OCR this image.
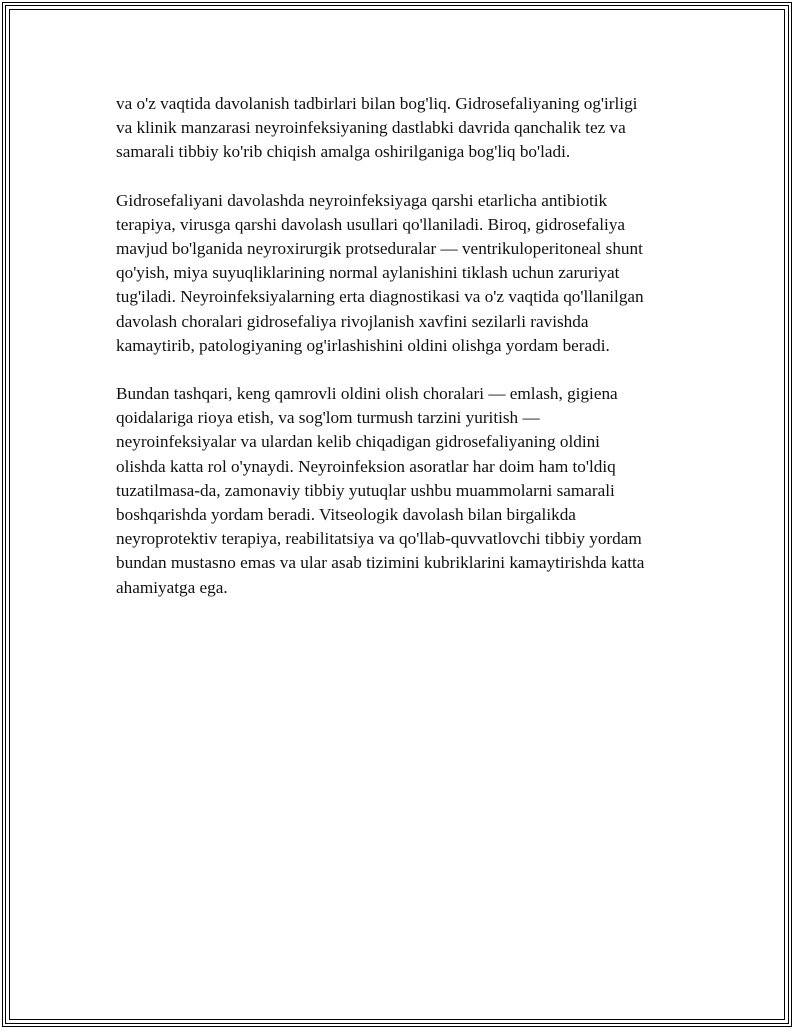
va o'z vaqtida davolanish tadbirlari bilan bog'liq. Gidrosefaliyaning og'irligi
va klinik manzarasi neyroinfeksiyaning dastlabki davrida qanchalik tez va
samarali tibbiy ko'rib chiqish amalga oshirilganiga bog'liq bo'ladi.
Gidrosefaliyani davolashda neyroinfeksiyaga qarshi etarlicha antibiotik
terapiya, virusga qarshi davolash usullari qo'llaniladi. Biroq, gidrosefaliya
mavjud bo'lganida neyroxirurgik protseduralar — ventrikuloperitoneal shunt
qo'yish, miya suyuqliklarining normal aylanishini tiklash uchun zaruriyat
tug'iladi. Neyroinfeksiyalarning erta diagnostikasi va o'z vaqtida qo'llanilgan
davolash choralari gidrosefaliya rivojlanish xavfini sezilarli ravishda
kamaytirib, patologiyaning og'irlashishini oldini olishga yordam beradi.
Bundan tashqari, keng qamrovli oldini olish choralari — emlash, gigiena
qoidalariga rioya etish, va sog'lom turmush tarzini yuritish —
neyroinfeksiyalar va ulardan kelib chiqadigan gidrosefaliyaning oldini
olishda katta rol o'ynaydi. Neyroinfeksion asoratlar har doim ham to'ldiq
tuzatilmasa-da, zamonaviy tibbiy yutuqlar ushbu muammolarni samarali
boshqarishda yordam beradi. Vitseologik davolash bilan birgalikda
neyroprotektiv terapiya, reabilitatsiya va qo'llab-quvvatlovchi tibbiy yordam
bundan mustasno emas va ular asab tizimini kubriklarini kamaytirishda katta
ahamiyatga ega.
